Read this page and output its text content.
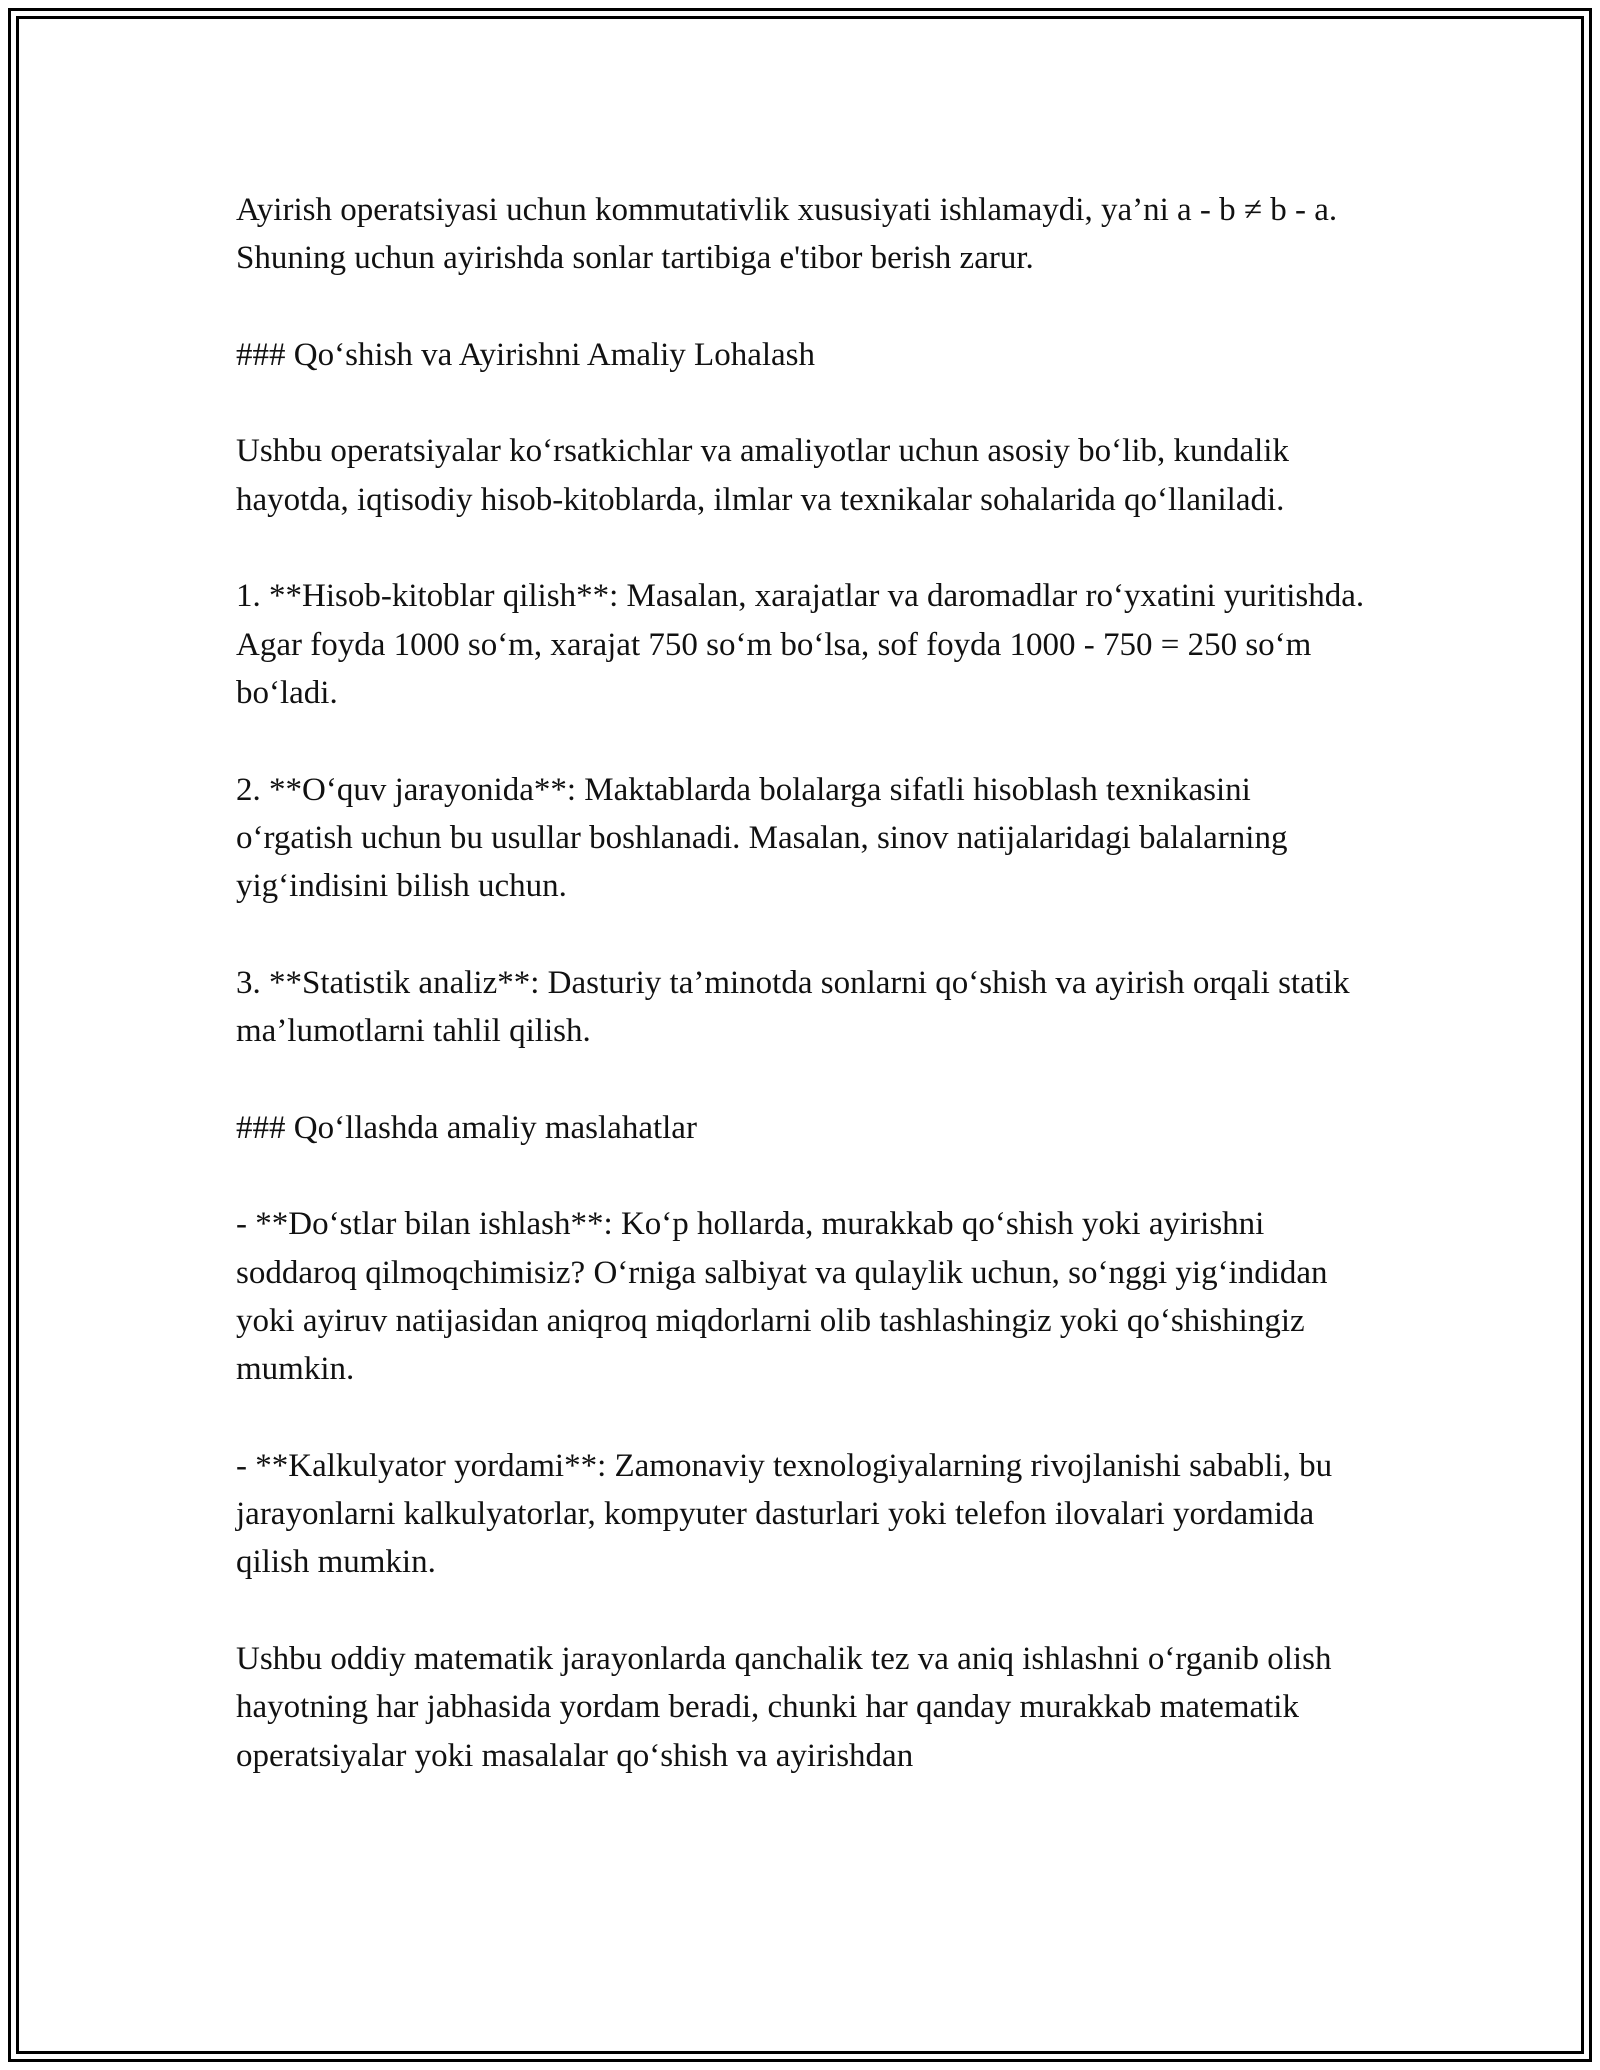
Ayirish operatsiyasi uchun kommutativlik xususiyati ishlamaydi, ya’ni a - b ≠ b - a. Shuning uchun ayirishda sonlar tartibiga e'tibor berish zarur.

### Qo‘shish va Ayirishni Amaliy Lohalash

Ushbu operatsiyalar ko‘rsatkichlar va amaliyotlar uchun asosiy bo‘lib, kundalik hayotda, iqtisodiy hisob-kitoblarda, ilmlar va texnikalar sohalarida qo‘llaniladi.

1. **Hisob-kitoblar qilish**: Masalan, xarajatlar va daromadlar ro‘yxatini yuritishda. Agar foyda 1000 so‘m, xarajat 750 so‘m bo‘lsa, sof foyda 1000 - 750 = 250 so‘m bo‘ladi.

2. **O‘quv jarayonida**: Maktablarda bolalarga sifatli hisoblash texnikasini o‘rgatish uchun bu usullar boshlanadi. Masalan, sinov natijalaridagi balalarning yig‘indisini bilish uchun.

3. **Statistik analiz**: Dasturiy ta’minotda sonlarni qo‘shish va ayirish orqali statik ma’lumotlarni tahlil qilish.

### Qo‘llashda amaliy maslahatlar

- **Do‘stlar bilan ishlash**: Ko‘p hollarda, murakkab qo‘shish yoki ayirishni soddaroq qilmoqchimisiz? O‘rniga salbiyat va qulaylik uchun, so‘nggi yig‘indidan yoki ayiruv natijasidan aniqroq miqdorlarni olib tashlashingiz yoki qo‘shishingiz mumkin.

- **Kalkulyator yordami**: Zamonaviy texnologiyalarning rivojlanishi sababli, bu jarayonlarni kalkulyatorlar, kompyuter dasturlari yoki telefon ilovalari yordamida qilish mumkin.

Ushbu oddiy matematik jarayonlarda qanchalik tez va aniq ishlashni o‘rganib olish hayotning har jabhasida yordam beradi, chunki har qanday murakkab matematik operatsiyalar yoki masalalar qo‘shish va ayirishdan
